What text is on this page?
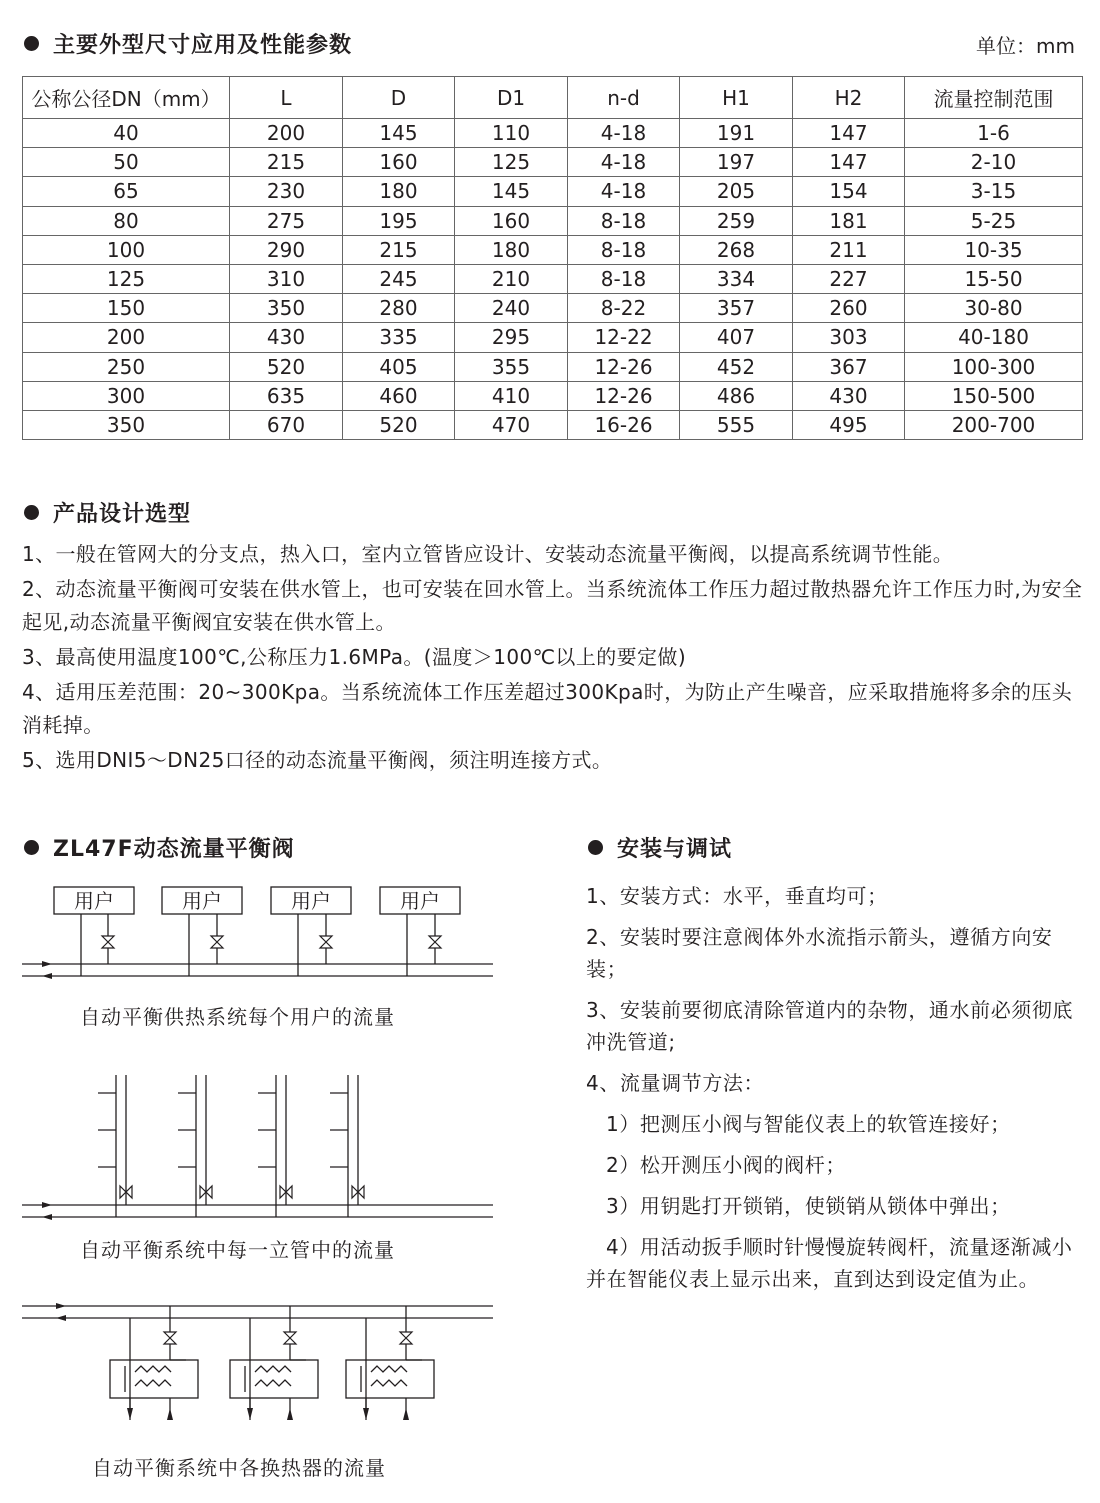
主要外型尺寸应用及性能参数	单位：mm
公称公径DN（mm）	L	D	D1	n-d	H1	H2	流量控制范围
40	200	145	110	4-18	191	147	1-6
50	215	160	125	4-18	197	147	2-10
65	230	180	145	4-18	205	154	3-15
80	275	195	160	8-18	259	181	5-25
100	290	215	180	8-18	268	211	10-35
125	310	245	210	8-18	334	227	15-50
150	350	280	240	8-22	357	260	30-80
200	430	335	295	12-22	407	303	40-180
250	520	405	355	12-26	452	367	100-300
300	635	460	410	12-26	486	430	150-500
350	670	520	470	16-26	555	495	200-700
产品设计选型

1、一般在管网大的分支点，热入口，室内立管皆应设计、安装动态流量平衡阀，以提高系统调节性能。

2、动态流量平衡阀可安装在供水管上，也可安装在回水管上。当系统流体工作压力超过散热器允许工作压力时,为安全起见,动态流量平衡阀宜安装在供水管上。

3、最高使用温度100℃,公称压力1.6MPa。(温度＞100℃以上的要定做)

4、适用压差范围：20~300Kpa。当系统流体工作压差超过300Kpa时，为防止产生噪音，应采取措施将多余的压头消耗掉。

5、选用DNI5～DN25口径的动态流量平衡阀，须注明连接方式。

ZL47F动态流量平衡阀
用户	用户	用户	用户
自动平衡供热系统每个用户的流量
自动平衡系统中每一立管中的流量
自动平衡系统中各换热器的流量
安装与调试

1、安装方式：水平，垂直均可；

2、安装时要注意阀体外水流指示箭头，遵循方向安装；

3、安装前要彻底清除管道内的杂物，通水前必须彻底冲洗管道;

4、流量调节方法：

1）把测压小阀与智能仪表上的软管连接好；

2）松开测压小阀的阀杆；

3）用钥匙打开锁销，使锁销从锁体中弹出；

4）用活动扳手顺时针慢慢旋转阀杆，流量逐渐减小并在智能仪表上显示出来，直到达到设定值为止。
